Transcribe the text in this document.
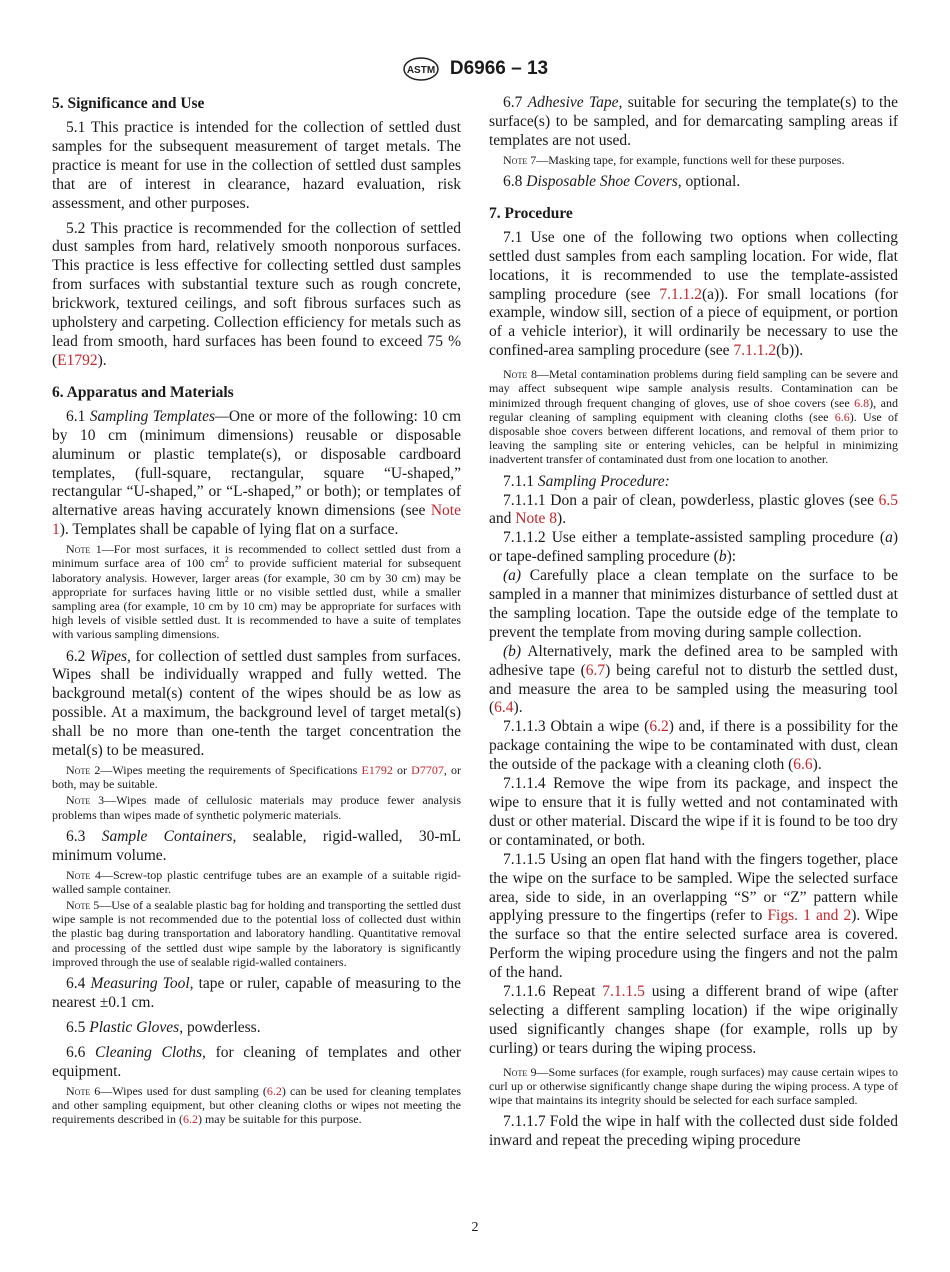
ASTM D6966 – 13
5. Significance and Use
5.1 This practice is intended for the collection of settled dust samples for the subsequent measurement of target metals. The practice is meant for use in the collection of settled dust samples that are of interest in clearance, hazard evaluation, risk assessment, and other purposes.
5.2 This practice is recommended for the collection of settled dust samples from hard, relatively smooth nonporous surfaces. This practice is less effective for collecting settled dust samples from surfaces with substantial texture such as rough concrete, brickwork, textured ceilings, and soft fibrous surfaces such as upholstery and carpeting. Collection efficiency for metals such as lead from smooth, hard surfaces has been found to exceed 75 % (E1792).
6. Apparatus and Materials
6.1 Sampling Templates—One or more of the following: 10 cm by 10 cm (minimum dimensions) reusable or disposable aluminum or plastic template(s), or disposable cardboard templates, (full-square, rectangular, square “U-shaped,” rectangular “U-shaped,” or “L-shaped,” or both); or templates of alternative areas having accurately known dimensions (see Note 1). Templates shall be capable of lying flat on a surface.
Note 1—For most surfaces, it is recommended to collect settled dust from a minimum surface area of 100 $cm^2$ to provide sufficient material for subsequent laboratory analysis. However, larger areas (for example, 30 cm by 30 cm) may be appropriate for surfaces having little or no visible settled dust, while a smaller sampling area (for example, 10 cm by 10 cm) may be appropriate for surfaces with high levels of visible settled dust. It is recommended to have a suite of templates with various sampling dimensions.
6.2 Wipes, for collection of settled dust samples from surfaces. Wipes shall be individually wrapped and fully wetted. The background metal(s) content of the wipes should be as low as possible. At a maximum, the background level of target metal(s) shall be no more than one-tenth the target concentration the metal(s) to be measured.
Note 2—Wipes meeting the requirements of Specifications E1792 or D7707, or both, may be suitable.
Note 3—Wipes made of cellulosic materials may produce fewer analysis problems than wipes made of synthetic polymeric materials.
6.3 Sample Containers, sealable, rigid-walled, 30-mL minimum volume.
Note 4—Screw-top plastic centrifuge tubes are an example of a suitable rigid-walled sample container.
Note 5—Use of a sealable plastic bag for holding and transporting the settled dust wipe sample is not recommended due to the potential loss of collected dust within the plastic bag during transportation and laboratory handling. Quantitative removal and processing of the settled dust wipe sample by the laboratory is significantly improved through the use of sealable rigid-walled containers.
6.4 Measuring Tool, tape or ruler, capable of measuring to the nearest ±0.1 cm.
6.5 Plastic Gloves, powderless.
6.6 Cleaning Cloths, for cleaning of templates and other equipment.
Note 6—Wipes used for dust sampling (6.2) can be used for cleaning templates and other sampling equipment, but other cleaning cloths or wipes not meeting the requirements described in (6.2) may be suitable for this purpose.
6.7 Adhesive Tape, suitable for securing the template(s) to the surface(s) to be sampled, and for demarcating sampling areas if templates are not used.
Note 7—Masking tape, for example, functions well for these purposes.
6.8 Disposable Shoe Covers, optional.
7. Procedure
7.1 Use one of the following two options when collecting settled dust samples from each sampling location. For wide, flat locations, it is recommended to use the template-assisted sampling procedure (see 7.1.1.2(a)). For small locations (for example, window sill, section of a piece of equipment, or portion of a vehicle interior), it will ordinarily be necessary to use the confined-area sampling procedure (see 7.1.1.2(b)).
Note 8—Metal contamination problems during field sampling can be severe and may affect subsequent wipe sample analysis results. Contamination can be minimized through frequent changing of gloves, use of shoe covers (see 6.8), and regular cleaning of sampling equipment with cleaning cloths (see 6.6). Use of disposable shoe covers between different locations, and removal of them prior to leaving the sampling site or entering vehicles, can be helpful in minimizing inadvertent transfer of contaminated dust from one location to another.
7.1.1 Sampling Procedure:
7.1.1.1 Don a pair of clean, powderless, plastic gloves (see 6.5 and Note 8).
7.1.1.2 Use either a template-assisted sampling procedure (a) or tape-defined sampling procedure (b):
(a) Carefully place a clean template on the surface to be sampled in a manner that minimizes disturbance of settled dust at the sampling location. Tape the outside edge of the template to prevent the template from moving during sample collection.
(b) Alternatively, mark the defined area to be sampled with adhesive tape (6.7) being careful not to disturb the settled dust, and measure the area to be sampled using the measuring tool (6.4).
7.1.1.3 Obtain a wipe (6.2) and, if there is a possibility for the package containing the wipe to be contaminated with dust, clean the outside of the package with a cleaning cloth (6.6).
7.1.1.4 Remove the wipe from its package, and inspect the wipe to ensure that it is fully wetted and not contaminated with dust or other material. Discard the wipe if it is found to be too dry or contaminated, or both.
7.1.1.5 Using an open flat hand with the fingers together, place the wipe on the surface to be sampled. Wipe the selected surface area, side to side, in an overlapping “S” or “Z” pattern while applying pressure to the fingertips (refer to Figs. 1 and 2). Wipe the surface so that the entire selected surface area is covered. Perform the wiping procedure using the fingers and not the palm of the hand.
7.1.1.6 Repeat 7.1.1.5 using a different brand of wipe (after selecting a different sampling location) if the wipe originally used significantly changes shape (for example, rolls up by curling) or tears during the wiping process.
Note 9—Some surfaces (for example, rough surfaces) may cause certain wipes to curl up or otherwise significantly change shape during the wiping process. A type of wipe that maintains its integrity should be selected for each surface sampled.
7.1.1.7 Fold the wipe in half with the collected dust side folded inward and repeat the preceding wiping procedure
2
